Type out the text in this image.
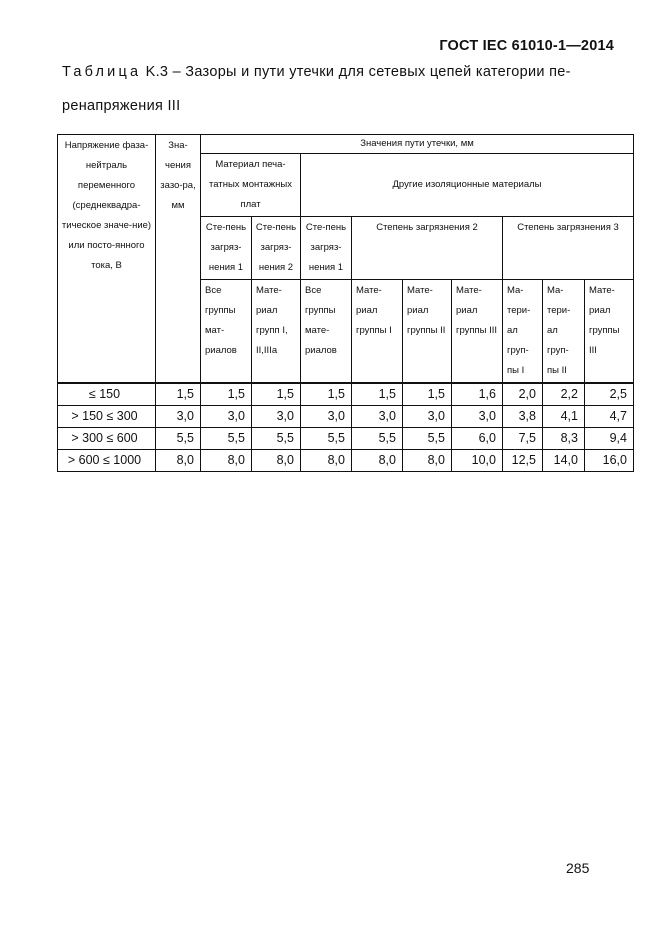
ГОСТ IEC 61010-1—2014
Таблица K.3 – Зазоры и пути утечки для сетевых цепей категории пе-
ренапряжения III
Напряжение фаза-нейтраль переменного (среднеквадра-тическое значе-ние) или посто-янного тока, В	Зна-чения зазо-ра, мм	Значения пути утечки, мм								
		Материал печа-татных монтажных плат		Другие изоляционные материалы						
		Сте-пень загряз-нения 1	Сте-пень загряз-нения 2	Сте-пень загряз-нения 1	Степень загрязнения 2			Степень загрязнения 3		
		Все группы мат-риалов	Мате-риал групп I, II,IIIa	Все группы мате-риалов	Мате-риал группы I	Мате-риал группы II	Мате-риал группы III	Ма-тери-ал груп-пы I	Ма-тери-ал груп-пы II	Мате-риал группы III
≤ 150	1,5	1,5	1,5	1,5	1,5	1,5	1,6	2,0	2,2	2,5
> 150 ≤ 300	3,0	3,0	3,0	3,0	3,0	3,0	3,0	3,8	4,1	4,7
> 300 ≤ 600	5,5	5,5	5,5	5,5	5,5	5,5	6,0	7,5	8,3	9,4
> 600 ≤ 1000	8,0	8,0	8,0	8,0	8,0	8,0	10,0	12,5	14,0	16,0
285
